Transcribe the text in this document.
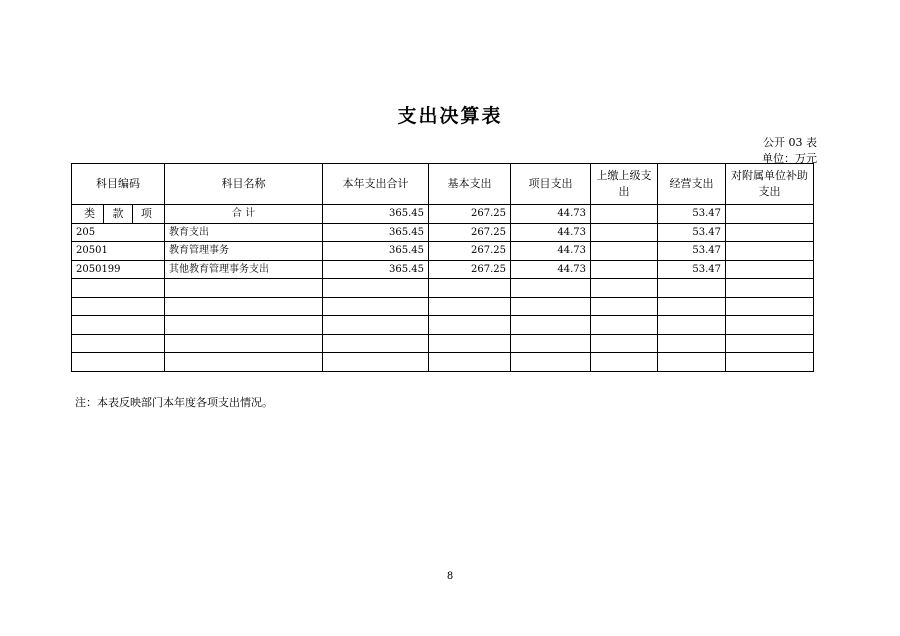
支出决算表
公开 03 表
单位：万元
科目编码	科目名称	本年支出合计	基本支出	项目支出	上缴上级支出	经营支出	对附属单位补助支出

类 款 项	合 计	365.45	267.25	44.73		53.47	
205	教育支出	365.45	267.25	44.73		53.47	
20501	教育管理事务	365.45	267.25	44.73		53.47	
2050199	其他教育管理事务支出	365.45	267.25	44.73		53.47	

注：本表反映部门本年度各项支出情况。
8
